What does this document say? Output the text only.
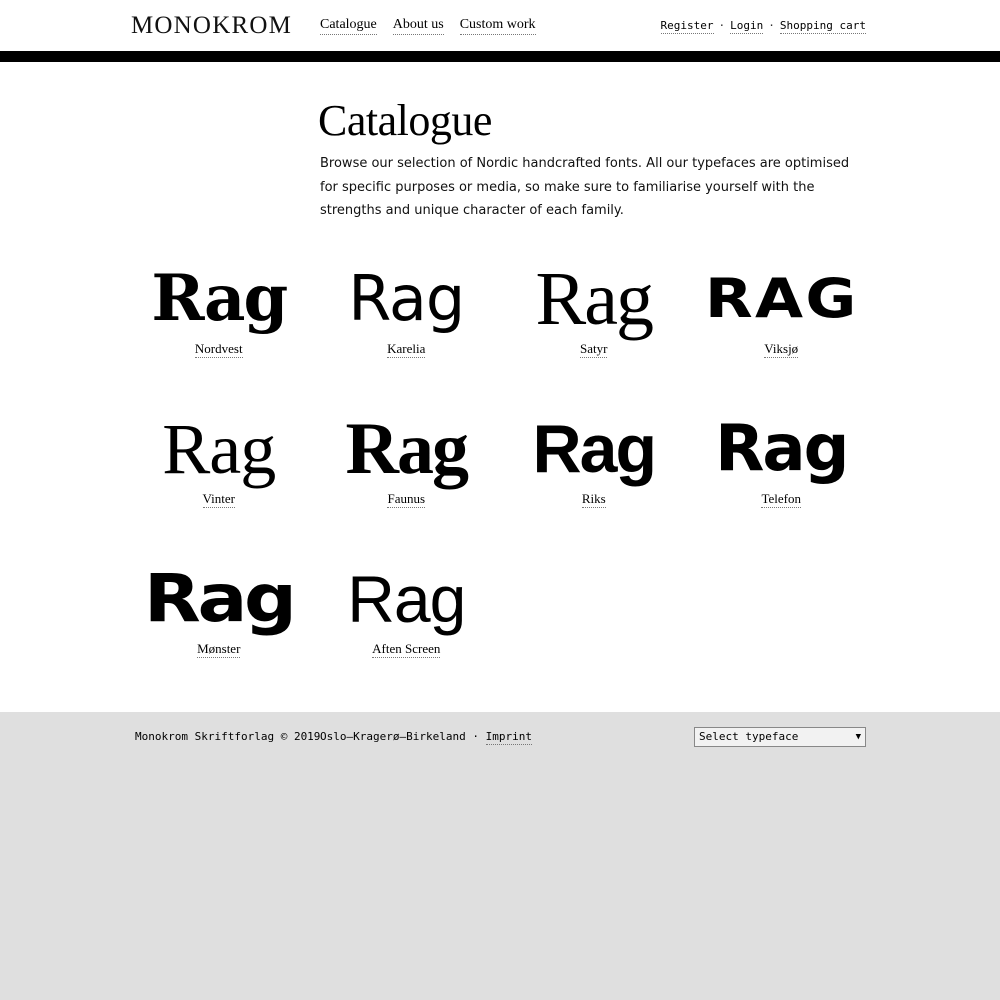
MONOKROM Catalogue About us Custom work	Register · Login · Shopping cart
Catalogue

Browse our selection of Nordic handcrafted fonts. All our typefaces are optimised for specific purposes or media, so make sure to familiarise yourself with the strengths and unique character of each family.

Rag
Nordvest
Rag
Karelia
Rag
Satyr
RAG
Viksjø
Rag
Vinter
Rag
Faunus
Rag
Riks
Rag
Telefon
Rag
Mønster
Rag
Aften Screen
Monokrom Skriftforlag © 2019 Oslo—Kragerø—Birkeland · Imprint	Select typeface	▼
